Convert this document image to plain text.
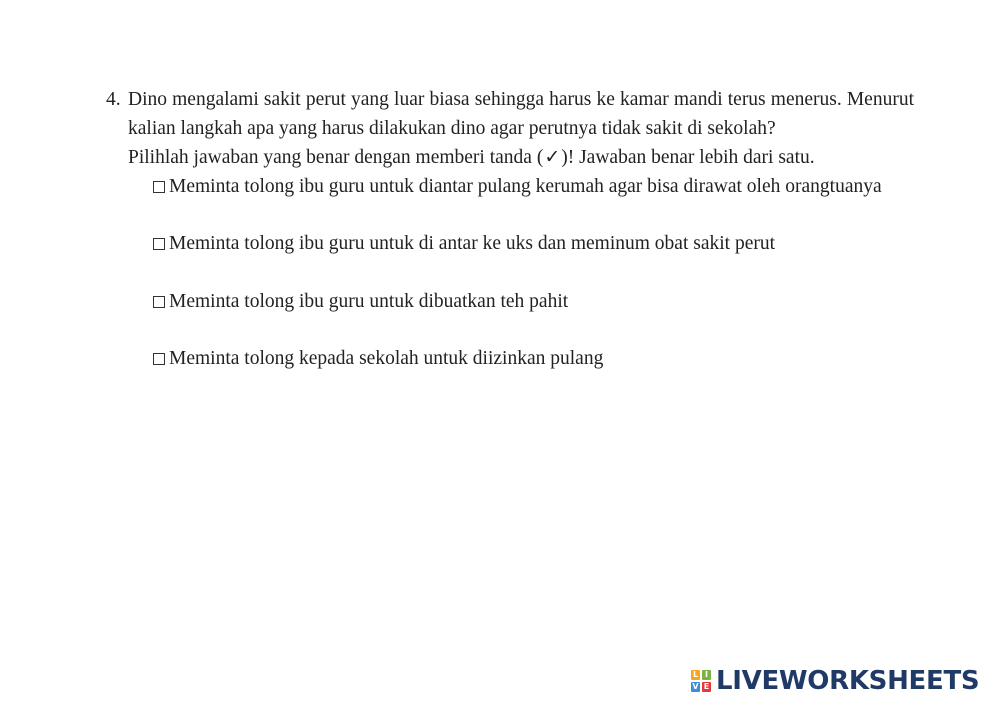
4. Dino mengalami sakit perut yang luar biasa sehingga harus ke kamar mandi terus menerus. Menurut kalian langkah apa yang harus dilakukan dino agar perutnya tidak sakit di sekolah?
Pilihlah jawaban yang benar dengan memberi tanda (✓)! Jawaban benar lebih dari satu.
Meminta tolong ibu guru untuk diantar pulang kerumah agar bisa dirawat oleh orangtuanya
Meminta tolong ibu guru untuk di antar ke uks dan meminum obat sakit perut
Meminta tolong ibu guru untuk dibuatkan teh pahit
Meminta tolong kepada sekolah untuk diizinkan pulang
L I
V E LIVEWORKSHEETS
